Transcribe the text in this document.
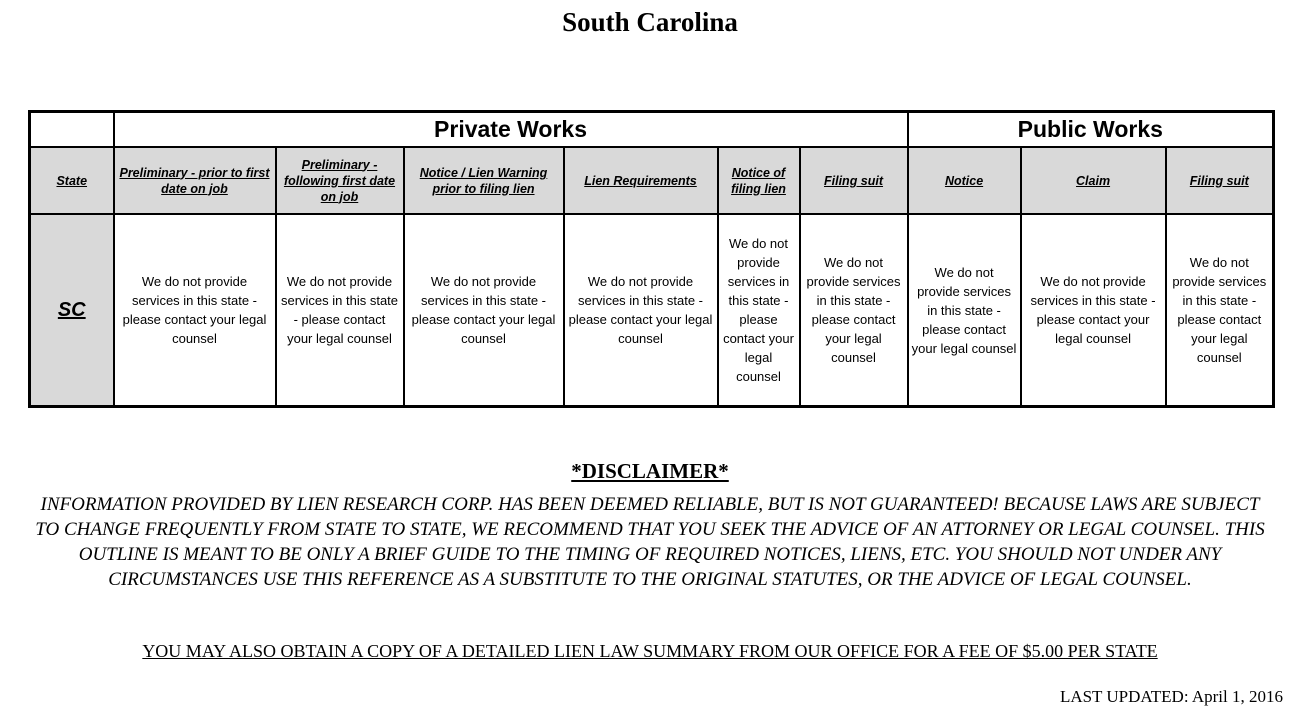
South Carolina
	Private Works						Public Works		
State	Preliminary - prior to first date on job	Preliminary - following first date on job	Notice / Lien Warning prior to filing lien	Lien Requirements	Notice of filing lien	Filing suit	Notice	Claim	Filing suit
SC	We do not provide services in this state - please contact your legal counsel	We do not provide services in this state - please contact your legal counsel	We do not provide services in this state - please contact your legal counsel	We do not provide services in this state - please contact your legal counsel	We do not provide services in this state - please contact your legal counsel	We do not provide services in this state - please contact your legal counsel	We do not provide services in this state - please contact your legal counsel	We do not provide services in this state - please contact your legal counsel	We do not provide services in this state - please contact your legal counsel
*DISCLAIMER*
INFORMATION PROVIDED BY LIEN RESEARCH CORP. HAS BEEN DEEMED RELIABLE, BUT IS NOT GUARANTEED! BECAUSE LAWS ARE SUBJECT TO CHANGE FREQUENTLY FROM STATE TO STATE, WE RECOMMEND THAT YOU SEEK THE ADVICE OF AN ATTORNEY OR LEGAL COUNSEL. THIS OUTLINE IS MEANT TO BE ONLY A BRIEF GUIDE TO THE TIMING OF REQUIRED NOTICES, LIENS, ETC. YOU SHOULD NOT UNDER ANY CIRCUMSTANCES USE THIS REFERENCE AS A SUBSTITUTE TO THE ORIGINAL STATUTES, OR THE ADVICE OF LEGAL COUNSEL.
YOU MAY ALSO OBTAIN A COPY OF A DETAILED LIEN LAW SUMMARY FROM OUR OFFICE FOR A FEE OF $5.00 PER STATE
LAST UPDATED: April 1, 2016
